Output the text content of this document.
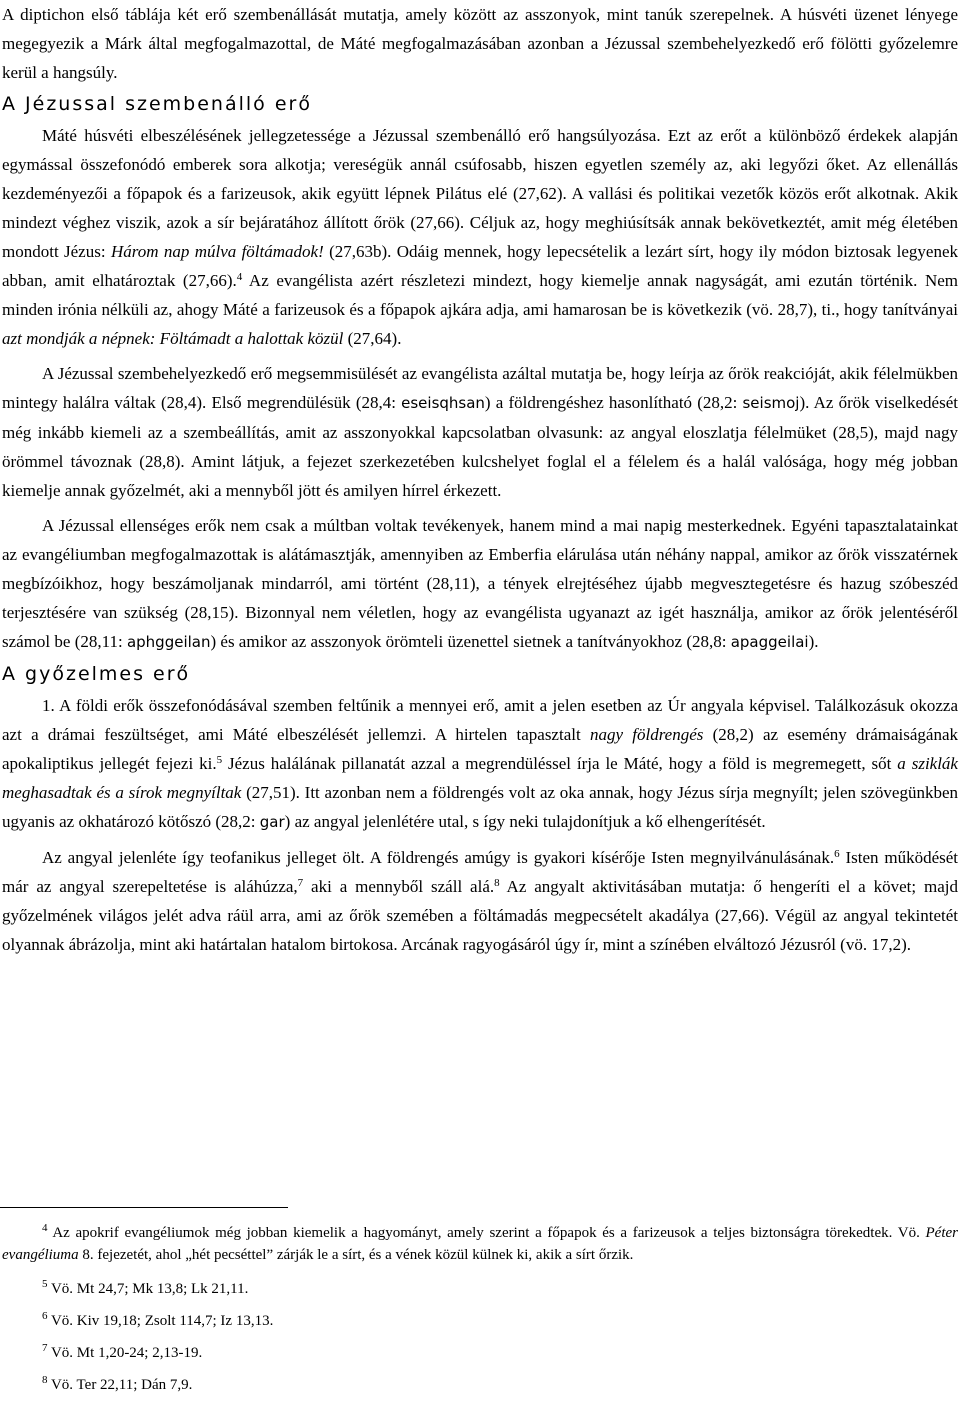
A diptichon első táblája két erő szembenállását mutatja, amely között az asszonyok, mint tanúk szerepelnek. A húsvéti üzenet lényege megegyezik a Márk által megfogalmazottal, de Máté megfogalmazásában azonban a Jézussal szembehelyezkedő erő fölötti győzelemre kerül a hangsúly.

A Jézussal szembenálló erő

Máté húsvéti elbeszélésének jellegzetessége a Jézussal szembenálló erő hangsúlyozása. Ezt az erőt a különböző érdekek alapján egymással összefonódó emberek sora alkotja; vereségük annál csúfosabb, hiszen egyetlen személy az, aki legyőzi őket. Az ellenállás kezdeményezői a főpapok és a farizeusok, akik együtt lépnek Pilátus elé (27,62). A vallási és politikai vezetők közös erőt alkotnak. Akik mindezt véghez viszik, azok a sír bejáratához állított őrök (27,66). Céljuk az, hogy meghiúsítsák annak bekövetkeztét, amit még életében mondott Jézus: Három nap múlva föltámadok! (27,63b). Odáig mennek, hogy lepecsételik a lezárt sírt, hogy ily módon biztosak legyenek abban, amit elhatároztak (27,66).$^4$ Az evangélista azért részletezi mindezt, hogy kiemelje annak nagyságát, ami ezután történik. Nem minden irónia nélküli az, ahogy Máté a farizeusok és a főpapok ajkára adja, ami hamarosan be is következik (vö. 28,7), ti., hogy tanítványai azt mondják a népnek: Föltámadt a halottak közül (27,64).

A Jézussal szembehelyezkedő erő megsemmisülését az evangélista azáltal mutatja be, hogy leírja az őrök reakcióját, akik félelmükben mintegy halálra váltak (28,4). Első megrendülésük (28,4: eseisqhsan) a földrengéshez hasonlítható (28,2: seismoj). Az őrök viselkedését még inkább kiemeli az a szembeállítás, amit az asszonyokkal kapcsolatban olvasunk: az angyal eloszlatja félelmüket (28,5), majd nagy örömmel távoznak (28,8). Amint látjuk, a fejezet szerkezetében kulcshelyet foglal el a félelem és a halál valósága, hogy még jobban kiemelje annak győzelmét, aki a mennyből jött és amilyen hírrel érkezett.

A Jézussal ellenséges erők nem csak a múltban voltak tevékenyek, hanem mind a mai napig mesterkednek. Egyéni tapasztalatainkat az evangéliumban megfogalmazottak is alátámasztják, amennyiben az Emberfia elárulása után néhány nappal, amikor az őrök visszatérnek megbízóikhoz, hogy beszámoljanak mindarról, ami történt (28,11), a tények elrejtéséhez újabb megvesztegetésre és hazug szóbeszéd terjesztésére van szükség (28,15). Bizonnyal nem véletlen, hogy az evangélista ugyanazt az igét használja, amikor az őrök jelentéséről számol be (28,11: aphggeilan) és amikor az asszonyok örömteli üzenettel sietnek a tanítványokhoz (28,8: apaggeilai).

A győzelmes erő

1. A földi erők összefonódásával szemben feltűnik a mennyei erő, amit a jelen esetben az Úr angyala képvisel. Találkozásuk okozza azt a drámai feszültséget, ami Máté elbeszélését jellemzi. A hirtelen tapasztalt nagy földrengés (28,2) az esemény drámaiságának apokaliptikus jellegét fejezi ki.$^5$ Jézus halálának pillanatát azzal a megrendüléssel írja le Máté, hogy a föld is megremegett, sőt a sziklák meghasadtak és a sírok megnyíltak (27,51). Itt azonban nem a földrengés volt az oka annak, hogy Jézus sírja megnyílt; jelen szövegünkben ugyanis az okhatározó kötőszó (28,2: gar) az angyal jelenlétére utal, s így neki tulajdonítjuk a kő elhengerítését.

Az angyal jelenléte így teofanikus jelleget ölt. A földrengés amúgy is gyakori kísérője Isten megnyilvánulásának.$^6$ Isten működését már az angyal szerepeltetése is aláhúzza,$^7$ aki a mennyből száll alá.$^8$ Az angyalt aktivitásában mutatja: ő hengeríti el a követ; majd győzelmének világos jelét adva ráül arra, ami az őrök szemében a föltámadás megpecsételt akadálya (27,66). Végül az angyal tekintetét olyannak ábrázolja, mint aki határtalan hatalom birtokosa. Arcának ragyogásáról úgy ír, mint a színében elváltozó Jézusról (vö. 17,2).

$^4$ Az apokrif evangéliumok még jobban kiemelik a hagyományt, amely szerint a főpapok és a farizeusok a teljes biztonságra törekedtek. Vö. Péter evangéliuma 8. fejezetét, ahol „hét pecséttel” zárják le a sírt, és a vének közül külnek ki, akik a sírt őrzik.

$^5$ Vö. Mt 24,7; Mk 13,8; Lk 21,11.

$^6$ Vö. Kiv 19,18; Zsolt 114,7; Iz 13,13.

$^7$ Vö. Mt 1,20-24; 2,13-19.

$^8$ Vö. Ter 22,11; Dán 7,9.
